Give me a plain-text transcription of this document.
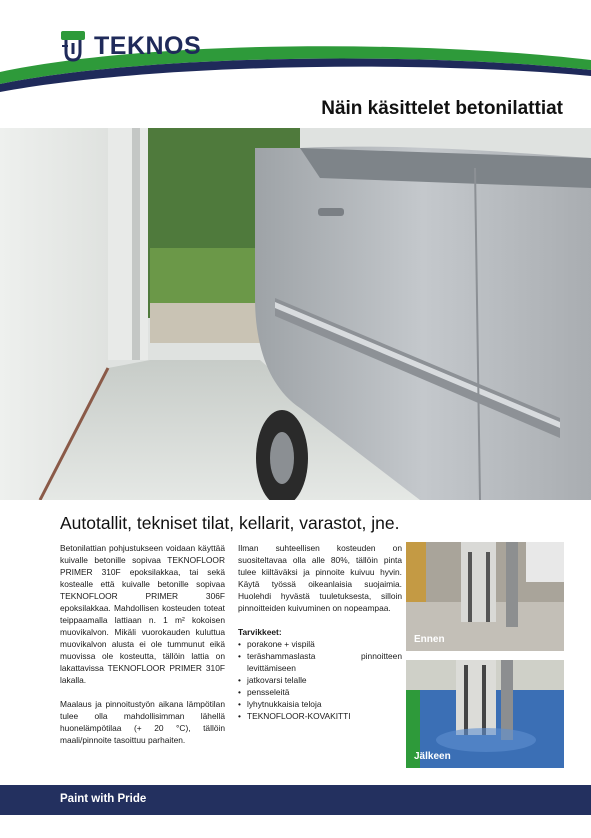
TEKNOS
Näin käsittelet betonilattiat
Autotallit, tekniset tilat, kellarit, varastot, jne.

Betonilattian pohjustukseen voidaan käyttää kuivalle betonille sopivaa TEKNOFLOOR PRIMER 310F epoksilakkaa, tai sekä kostealle että kuivalle betonille sopivaa TEKNOFLOOR PRIMER 306F epoksilakkaa. Mahdollisen kosteuden toteat teippaamalla lattiaan n. 1 m² kokoisen muovikalvon. Mikäli vuorokauden kuluttua muovikalvon alusta ei ole tummunut eikä muovissa ole kosteutta, tällöin lattia on lakattavissa TEKNOFLOOR PRIMER 310F lakalla.

Maalaus ja pinnoitustyön aikana lämpötilan tulee olla mahdollisimman lähellä huonelämpötilaa (+ 20 °C), tällöin maali/pinnoite tasoittuu parhaiten.

Ilman suhteellisen kosteuden on suositeltavaa olla alle 80%, tällöin pinta tulee kiiltäväksi ja pinnoite kuivuu hyvin. Käytä työssä oikeanlaisia suojaimia. Huolehdi hyvästä tuuletuksesta, silloin pinnoitteiden kuivuminen on nopeampaa.

Tarvikkeet:
• porakone + vispilä
• teräshammaslasta pinnoitteen levittämiseen
• jatkovarsi telalle
• pensseleitä
• lyhytnukkaisia teloja
• TEKNOFLOOR-KOVAKITTI
Ennen
Jälkeen
Paint with Pride
